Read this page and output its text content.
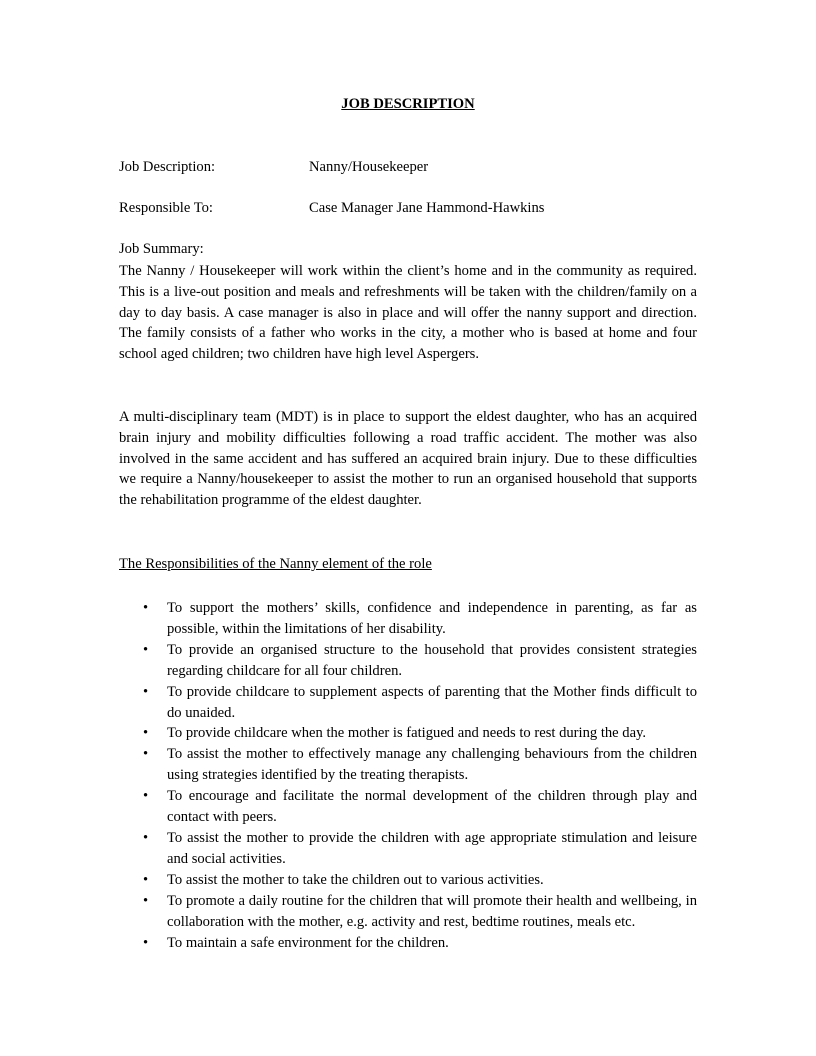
JOB DESCRIPTION
Job Description:	Nanny/Housekeeper
Responsible To:	Case Manager Jane Hammond-Hawkins
Job Summary:

The Nanny / Housekeeper will work within the client’s home and in the community as required. This is a live-out position and meals and refreshments will be taken with the children/family on a day to day basis. A case manager is also in place and will offer the nanny support and direction. The family consists of a father who works in the city, a mother who is based at home and four school aged children; two children have high level Aspergers.

A multi-disciplinary team (MDT) is in place to support the eldest daughter, who has an acquired brain injury and mobility difficulties following a road traffic accident. The mother was also involved in the same accident and has suffered an acquired brain injury. Due to these difficulties we require a Nanny/housekeeper to assist the mother to run an organised household that supports the rehabilitation programme of the eldest daughter.

The Responsibilities of the Nanny element of the role
• To support the mothers’ skills, confidence and independence in parenting, as far as possible, within the limitations of her disability.
• To provide an organised structure to the household that provides consistent strategies regarding childcare for all four children.
• To provide childcare to supplement aspects of parenting that the Mother finds difficult to do unaided.
• To provide childcare when the mother is fatigued and needs to rest during the day.
• To assist the mother to effectively manage any challenging behaviours from the children using strategies identified by the treating therapists.
• To encourage and facilitate the normal development of the children through play and contact with peers.
• To assist the mother to provide the children with age appropriate stimulation and leisure and social activities.
• To assist the mother to take the children out to various activities.
• To promote a daily routine for the children that will promote their health and wellbeing, in collaboration with the mother, e.g. activity and rest, bedtime routines, meals etc.
• To maintain a safe environment for the children.
